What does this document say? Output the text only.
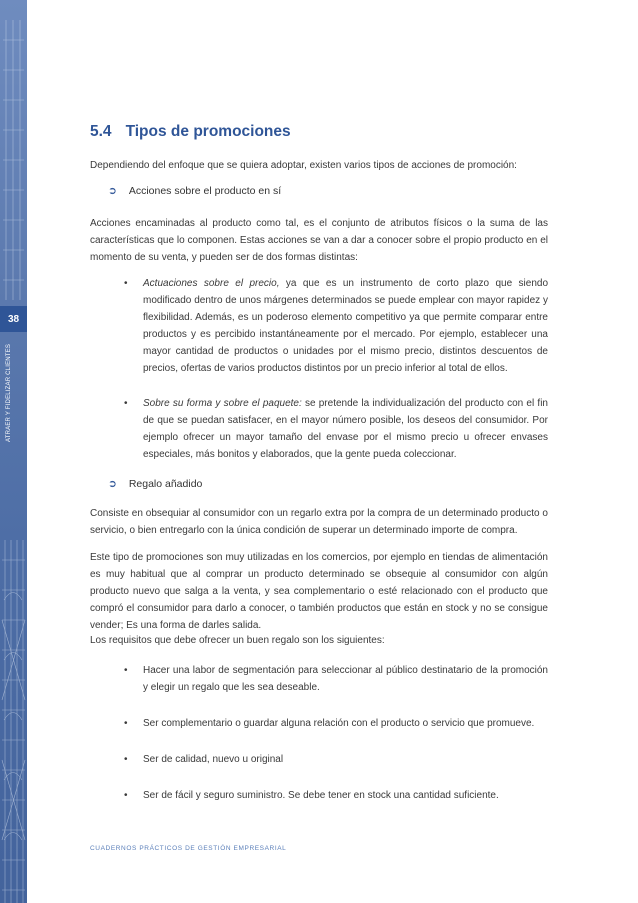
38
ATRAER Y FIDELIZAR CLIENTES
5.4 Tipos de promociones

Dependiendo del enfoque que se quiera adoptar, existen varios tipos de acciones de promoción:

➲ Acciones sobre el producto en sí

Acciones encaminadas al producto como tal, es el conjunto de atributos físicos o la suma de las características que lo componen. Estas acciones se van a dar a conocer sobre el propio producto en el momento de su venta, y pueden ser de dos formas distintas:

• Actuaciones sobre el precio, ya que es un instrumento de corto plazo que siendo modificado dentro de unos márgenes determinados se puede emplear con mayor rapidez y flexibilidad. Además, es un poderoso elemento competitivo ya que permite comparar entre productos y es percibido instantáneamente por el mercado. Por ejemplo, establecer una mayor cantidad de productos o unidades por el mismo precio, distintos descuentos de precios, ofertas de varios productos distintos por un precio inferior al total de ellos.
• Sobre su forma y sobre el paquete: se pretende la individualización del producto con el fin de que se puedan satisfacer, en el mayor número posible, los deseos del consumidor. Por ejemplo ofrecer un mayor tamaño del envase por el mismo precio u ofrecer envases especiales, más bonitos y elaborados, que la gente pueda coleccionar.

➲ Regalo añadido

Consiste en obsequiar al consumidor con un regarlo extra por la compra de un determinado producto o servicio, o bien entregarlo con la única condición de superar un determinado importe de compra.

Este tipo de promociones son muy utilizadas en los comercios, por ejemplo en tiendas de alimentación es muy habitual que al comprar un producto determinado se obsequie al consumidor con algún producto nuevo que salga a la venta, y sea complementario o esté relacionado con el producto que compró el consumidor para darlo a conocer, o también productos que están en stock y no se consigue vender; Es una forma de darles salida.

Los requisitos que debe ofrecer un buen regalo son los siguientes:

• Hacer una labor de segmentación para seleccionar al público destinatario de la promoción y elegir un regalo que les sea deseable.
• Ser complementario o guardar alguna relación con el producto o servicio que promueve.
• Ser de calidad, nuevo u original
• Ser de fácil y seguro suministro. Se debe tener en stock una cantidad suficiente.
CUADERNOS PRÁCTICOS DE GESTIÓN EMPRESARIAL
